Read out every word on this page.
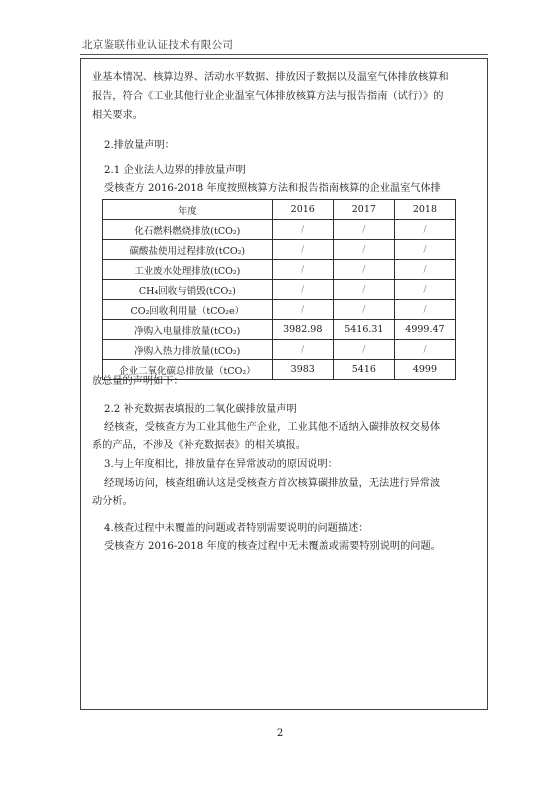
北京鉴联伟业认证技术有限公司
业基本情况、核算边界、活动水平数据、排放因子数据以及温室气体排放核算和
报告，符合《工业其他行业企业温室气体排放核算方法与报告指南（试行）》的
相关要求。
2.排放量声明：
2.1 企业法人边界的排放量声明
受核查方 2016-2018 年度按照核算方法和报告指南核算的企业温室气体排
年度	2016	2017	2018
化石燃料燃烧排放(tCO₂)	/	/	/
碳酸盐使用过程排放(tCO₂)	/	/	/
工业废水处理排放(tCO₂)	/	/	/
CH₄回收与销毁(tCO₂)	/	/	/
CO₂回收利用量（tCO₂e）	/	/	/
净购入电量排放量(tCO₂)	3982.98	5416.31	4999.47
净购入热力排放量(tCO₂)	/	/	/
企业二氧化碳总排放量（tCO₂）	3983	5416	4999
放总量的声明如下：
2.2 补充数据表填报的二氧化碳排放量声明
经核查，受核查方为工业其他生产企业，工业其他不适纳入碳排放权交易体
系的产品，不涉及《补充数据表》的相关填报。
3.与上年度相比，排放量存在异常波动的原因说明：
经现场访问，核查组确认这是受核查方首次核算碳排放量，无法进行异常波
动分析。
4.核查过程中未覆盖的问题或者特别需要说明的问题描述：
受核查方 2016-2018 年度的核查过程中无未覆盖或需要特别说明的问题。
2
